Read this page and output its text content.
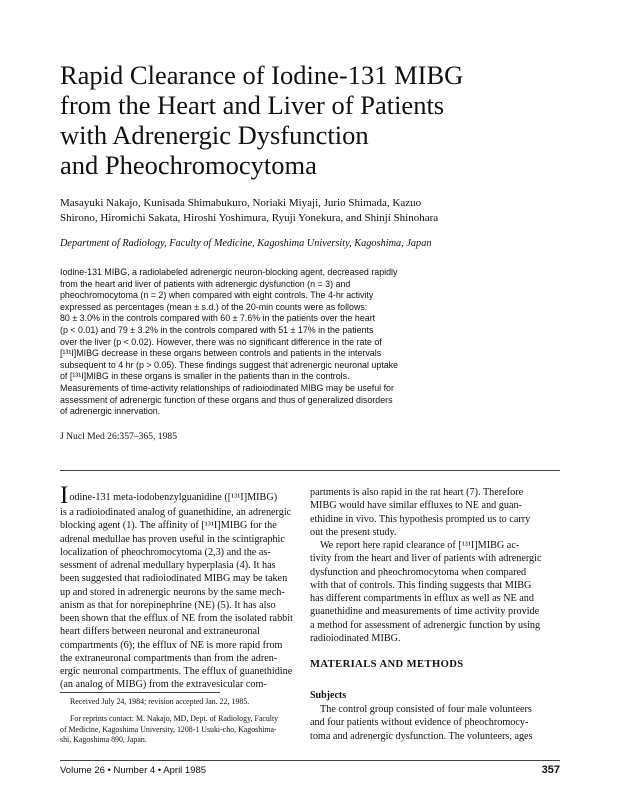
Rapid Clearance of Iodine-131 MIBG
from the Heart and Liver of Patients
with Adrenergic Dysfunction
and Pheochromocytoma
Masayuki Nakajo, Kunisada Shimabukuro, Noriaki Miyaji, Jurio Shimada, Kazuo
Shirono, Hiromichi Sakata, Hiroshi Yoshimura, Ryuji Yonekura, and Shinji Shinohara
Department of Radiology, Faculty of Medicine, Kagoshima University, Kagoshima, Japan
Iodine-131 MIBG, a radiolabeled adrenergic neuron-blocking agent, decreased rapidly
from the heart and liver of patients with adrenergic dysfunction (n = 3) and
pheochromocytoma (n = 2) when compared with eight controls. The 4-hr activity
expressed as percentages (mean ± s.d.) of the 20-min counts were as follows:
80 ± 3.0% in the controls compared with 60 ± 7.6% in the patients over the heart
(p < 0.01) and 79 ± 3.2% in the controls compared with 51 ± 17% in the patients
over the liver (p < 0.02). However, there was no significant difference in the rate of
[¹³¹I]MIBG decrease in these organs between controls and patients in the intervals
subsequent to 4 hr (p > 0.05). These findings suggest that adrenergic neuronal uptake
of [¹³¹I]MIBG in these organs is smaller in the patients than in the controls.
Measurements of time-activity relationships of radioiodinated MIBG may be useful for
assessment of adrenergic function of these organs and thus of generalized disorders
of adrenergic innervation.
J Nucl Med 26:357–365, 1985
Iodine-131 meta-iodobenzylguanidine ([¹³¹I]MIBG)
is a radioiodinated analog of guanethidine, an adrenergic
blocking agent (1). The affinity of [¹³¹I]MIBG for the
adrenal medullae has proven useful in the scintigraphic
localization of pheochromocytoma (2,3) and the as-
sessment of adrenal medullary hyperplasia (4). It has
been suggested that radioiodinated MIBG may be taken
up and stored in adrenergic neurons by the same mech-
anism as that for norepinephrine (NE) (5). It has also
been shown that the efflux of NE from the isolated rabbit
heart differs between neuronal and extraneuronal
compartments (6); the efflux of NE is more rapid from
the extraneuronal compartments than from the adren-
ergic neuronal compartments. The efflux of guanethidine
(an analog of MIBG) from the extravesicular com-
partments is also rapid in the rat heart (7). Therefore
MIBG would have similar effluxes to NE and guan-
ethidine in vivo. This hypothesis prompted us to carry
out the present study.
We report here rapid clearance of [¹³¹I]MIBG ac-
tivity from the heart and liver of patients with adrenergic
dysfunction and pheochromocytoma when compared
with that of controls. This finding suggests that MIBG
has different compartments in efflux as well as NE and
guanethidine and measurements of time activity provide
a method for assessment of adrenergic function by using
radioiodinated MIBG.
MATERIALS AND METHODS
Subjects
The control group consisted of four male volunteers
and four patients without evidence of pheochromocy-
toma and adrenergic dysfunction. The volunteers, ages
Received July 24, 1984; revision accepted Jan. 22, 1985.
For reprints contact: M. Nakajo, MD, Dept. of Radiology, Faculty
of Medicine, Kagoshima University, 1208-1 Usuki-cho, Kagoshima-
shi, Kagoshima 890, Japan.
Volume 26 • Number 4 • April 1985	357
